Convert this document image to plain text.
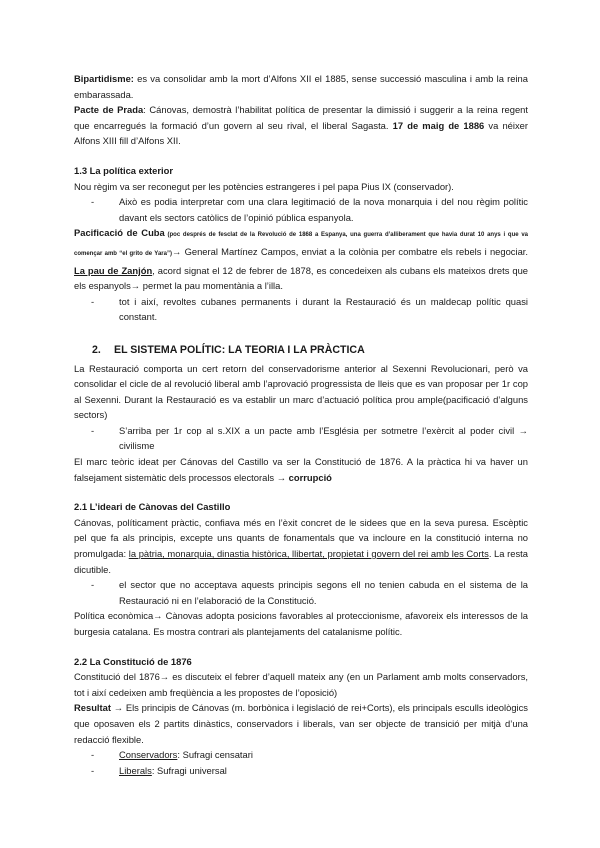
Bipartidisme: es va consolidar amb la mort d’Alfons XII el 1885, sense successió masculina i amb la reina embarassada.

Pacte de Prada: Cánovas, demostrà l’habilitat política de presentar la dimissió i suggerir a la reina regent que encarregués la formació d’un govern al seu rival, el liberal Sagasta. 17 de maig de 1886 va néixer Alfons XIII fill d’Alfons XII.

1.3 La política exterior

Nou règim va ser reconegut per les potències estrangeres i pel papa Pius IX (conservador).

-	Això es podia interpretar com una clara legitimació de la nova monarquia i del nou règim polític davant els sectors catòlics de l’opinió pública espanyola.

Pacificació de Cuba (poc després de fesclat de la Revolució de 1868 a Espanya, una guerra d’alliberament que havia durat 10 anys i que va començar amb “el grito de Yara”)→ General Martínez Campos, enviat a la colònia per combatre els rebels i negociar. La pau de Zanjón, acord signat el 12 de febrer de 1878, es concedeixen als cubans els mateixos drets que els espanyols→ permet la pau momentània a l’illa.

-	tot i així, revoltes cubanes permanents i durant la Restauració és un maldecap polític quasi constant.
2.	EL SISTEMA POLÍTIC: LA TEORIA I LA PRÀCTICA

La Restauració comporta un cert retorn del conservadorisme anterior al Sexenni Revolucionari, però va consolidar el cicle de al revolució liberal amb l’aprovació progressista de lleis que es van proposar per 1r cop al Sexenni. Durant la Restauració es va establir un marc d’actuació política prou ample(pacificació d’alguns sectors)

-	S’arriba per 1r cop al s.XIX a un pacte amb l’Església per sotmetre l’exèrcit al poder civil → civilisme

El marc teòric ideat per Cánovas del Castillo va ser la Constitució de 1876. A la pràctica hi va haver un falsejament sistemàtic dels processos electorals → corrupció

2.1 L’ideari de Cànovas del Castillo

Cánovas, políticament pràctic, confiava més en l’èxit concret de le sidees que en la seva puresa. Escèptic pel que fa als principis, excepte uns quants de fonamentals que va incloure en la constitució interna no promulgada: la pàtria, monarquia, dinastia històrica, llibertat, propietat i govern del rei amb les Corts. La resta dicutible.

-	el sector que no acceptava aquests principis segons ell no tenien cabuda en el sistema de la Restauració ni en l’elaboració de la Constitució.

Política econòmica→ Cànovas adopta posicions favorables al proteccionisme, afavoreix els interessos de la burgesia catalana. Es mostra contrari als plantejaments del catalanisme polític.

2.2 La Constitució de 1876

Constitució del 1876→ es discuteix el febrer d’aquell mateix any (en un Parlament amb molts conservadors, tot i així cedeixen amb freqüència a les propostes de l’oposició)

Resultat → Els principis de Cánovas (m. borbònica i legislació de rei+Corts), els principals esculls ideològics que oposaven els 2 partits dinàstics, conservadors i liberals, van ser objecte de transició per mitjà d’una redacció flexible.

-	Conservadors: Sufragi censatari
-	Liberals: Sufragi universal
